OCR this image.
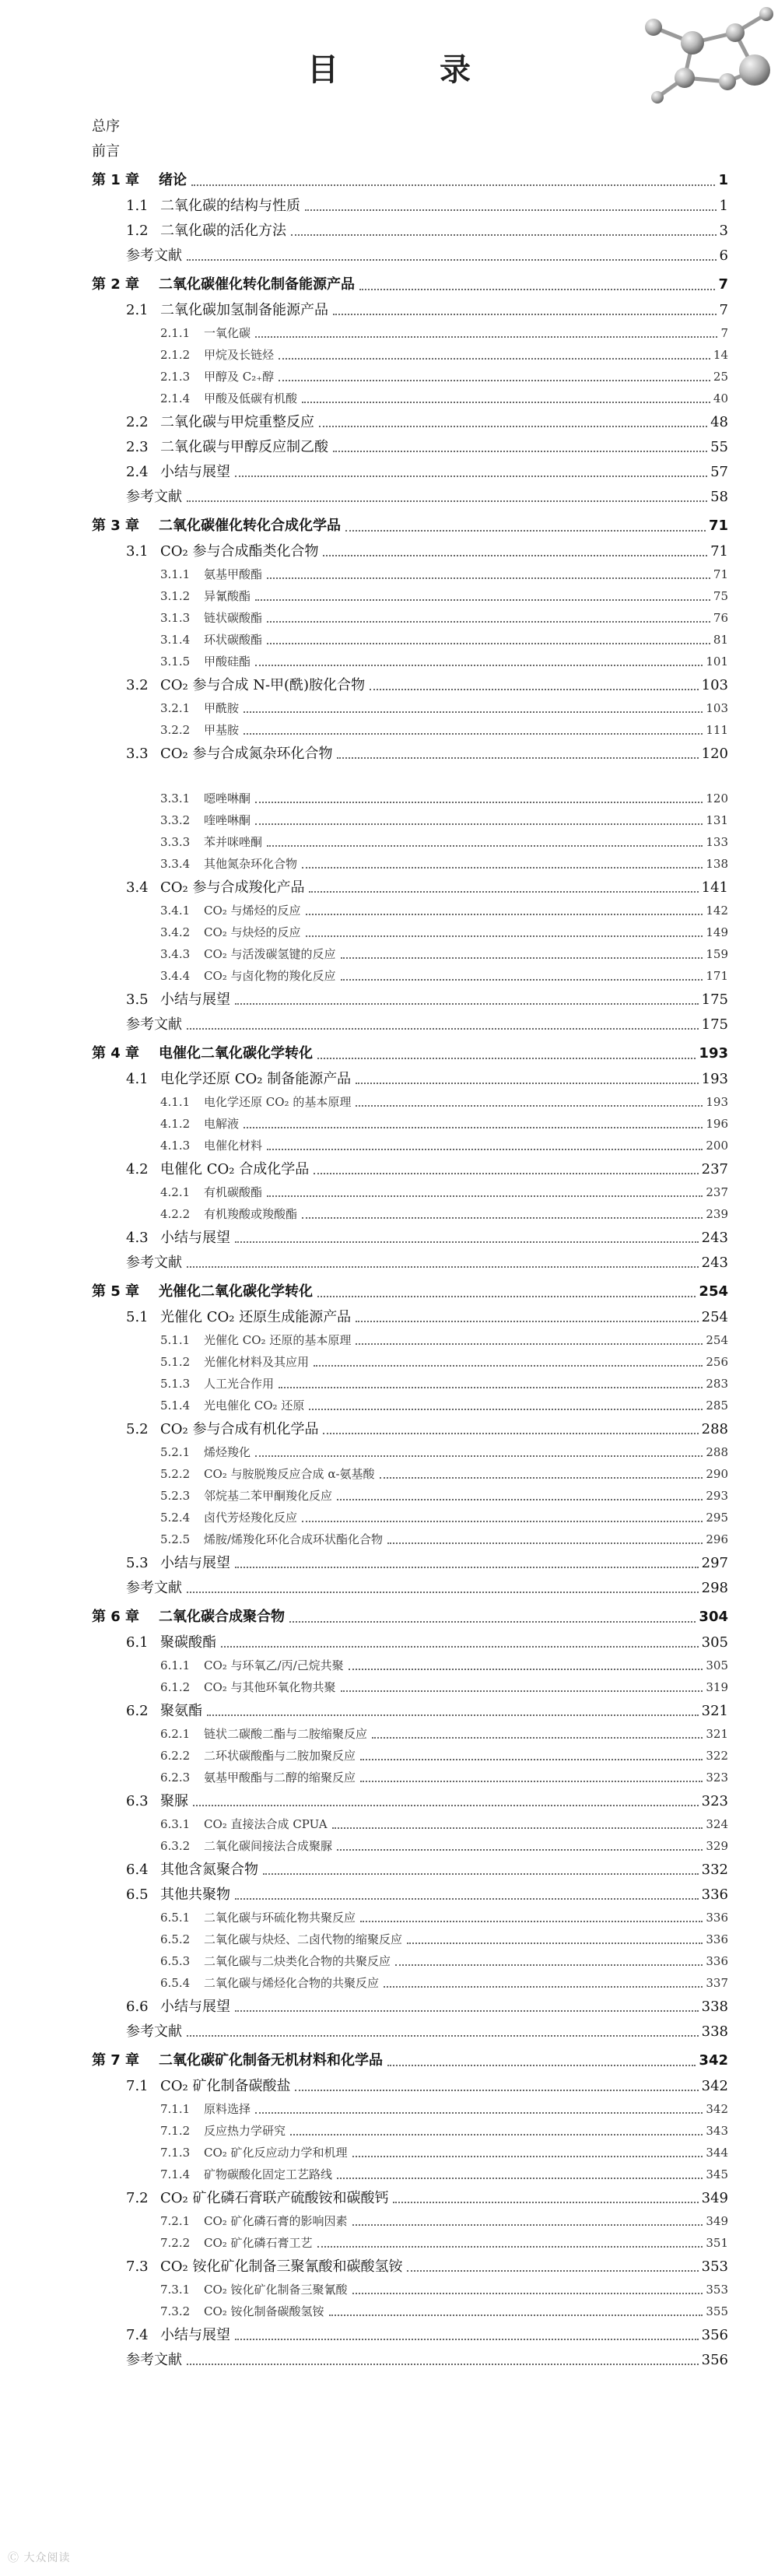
目 录
总序
前言
第 1 章	绪论	1
1.1 二氧化碳的结构与性质	1
1.2 二氧化碳的活化方法	3
参考文献	6
第 2 章	二氧化碳催化转化制备能源产品	7
2.1 二氧化碳加氢制备能源产品	7
2.1.1	一氧化碳	7
2.1.2	甲烷及长链烃	14
2.1.3	甲醇及 C₂₊醇	25
2.1.4	甲酸及低碳有机酸	40
2.2 二氧化碳与甲烷重整反应	48
2.3 二氧化碳与甲醇反应制乙酸	55
2.4 小结与展望	57
参考文献	58
第 3 章	二氧化碳催化转化合成化学品	71
3.1 CO₂ 参与合成酯类化合物	71
3.1.1	氨基甲酸酯	71
3.1.2	异氰酸酯	75
3.1.3	链状碳酸酯	76
3.1.4	环状碳酸酯	81
3.1.5	甲酸硅酯	101
3.2 CO₂ 参与合成 N-甲(酰)胺化合物	103
3.2.1	甲酰胺	103
3.2.2	甲基胺	111
3.3 CO₂ 参与合成氮杂环化合物	120
3.3.1	噁唑啉酮	120
3.3.2	喹唑啉酮	131
3.3.3	苯并咪唑酮	133
3.3.4	其他氮杂环化合物	138
3.4 CO₂ 参与合成羧化产品	141
3.4.1	CO₂ 与烯烃的反应	142
3.4.2	CO₂ 与炔烃的反应	149
3.4.3	CO₂ 与活泼碳氢键的反应	159
3.4.4	CO₂ 与卤化物的羧化反应	171
3.5 小结与展望	175
参考文献	175
第 4 章	电催化二氧化碳化学转化	193
4.1 电化学还原 CO₂ 制备能源产品	193
4.1.1	电化学还原 CO₂ 的基本原理	193
4.1.2	电解液	196
4.1.3	电催化材料	200
4.2 电催化 CO₂ 合成化学品	237
4.2.1	有机碳酸酯	237
4.2.2	有机羧酸或羧酸酯	239
4.3 小结与展望	243
参考文献	243
第 5 章	光催化二氧化碳化学转化	254
5.1 光催化 CO₂ 还原生成能源产品	254
5.1.1	光催化 CO₂ 还原的基本原理	254
5.1.2	光催化材料及其应用	256
5.1.3	人工光合作用	283
5.1.4	光电催化 CO₂ 还原	285
5.2 CO₂ 参与合成有机化学品	288
5.2.1	烯烃羧化	288
5.2.2	CO₂ 与胺脱羧反应合成 α-氨基酸	290
5.2.3	邻烷基二苯甲酮羧化反应	293
5.2.4	卤代芳烃羧化反应	295
5.2.5	烯胺/烯羧化环化合成环状酯化合物	296
5.3 小结与展望	297
参考文献	298
第 6 章	二氧化碳合成聚合物	304
6.1 聚碳酸酯	305
6.1.1	CO₂ 与环氧乙/丙/己烷共聚	305
6.1.2	CO₂ 与其他环氧化物共聚	319
6.2 聚氨酯	321
6.2.1	链状二碳酸二酯与二胺缩聚反应	321
6.2.2	二环状碳酸酯与二胺加聚反应	322
6.2.3	氨基甲酸酯与二醇的缩聚反应	323
6.3 聚脲	323
6.3.1	CO₂ 直接法合成 CPUA	324
6.3.2	二氧化碳间接法合成聚脲	329
6.4 其他含氮聚合物	332
6.5 其他共聚物	336
6.5.1	二氧化碳与环硫化物共聚反应	336
6.5.2	二氧化碳与炔烃、二卤代物的缩聚反应	336
6.5.3	二氧化碳与二炔类化合物的共聚反应	336
6.5.4	二氧化碳与烯烃化合物的共聚反应	337
6.6 小结与展望	338
参考文献	338
第 7 章	二氧化碳矿化制备无机材料和化学品	342
7.1 CO₂ 矿化制备碳酸盐	342
7.1.1	原料选择	342
7.1.2	反应热力学研究	343
7.1.3	CO₂ 矿化反应动力学和机理	344
7.1.4	矿物碳酸化固定工艺路线	345
7.2 CO₂ 矿化磷石膏联产硫酸铵和碳酸钙	349
7.2.1	CO₂ 矿化磷石膏的影响因素	349
7.2.2	CO₂ 矿化磷石膏工艺	351
7.3 CO₂ 铵化矿化制备三聚氰酸和碳酸氢铵	353
7.3.1	CO₂ 铵化矿化制备三聚氰酸	353
7.3.2	CO₂ 铵化制备碳酸氢铵	355
7.4 小结与展望	356
参考文献	356
Ⓒ 大众阅读
